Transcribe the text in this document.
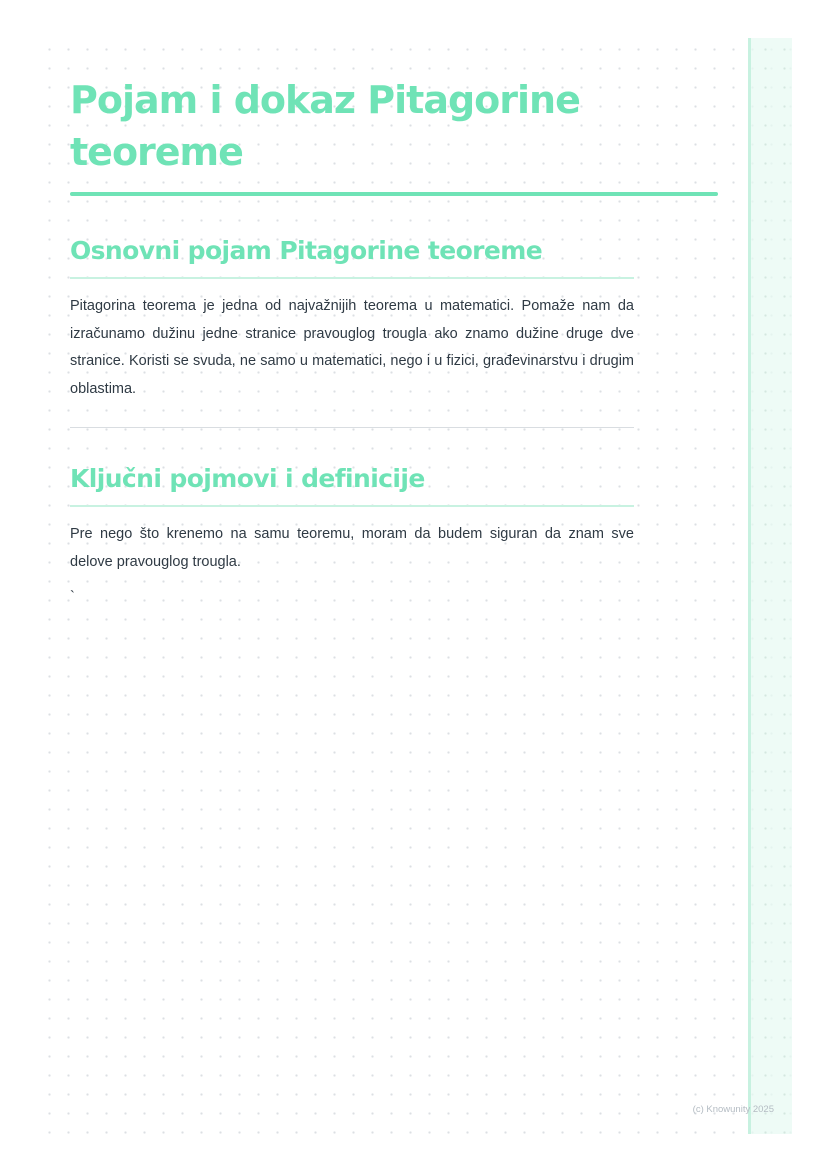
Pojam i dokaz Pitagorine teoreme
Osnovni pojam Pitagorine teoreme

Pitagorina teorema je jedna od najvažnijih teorema u matematici. Pomaže nam da izračunamo dužinu jedne stranice pravouglog trougla ako znamo dužine druge dve stranice. Koristi se svuda, ne samo u matematici, nego i u fizici, građevinarstvu i drugim oblastima.

Ključni pojmovi i definicije

Pre nego što krenemo na samu teoremu, moram da budem siguran da znam sve delove pravouglog trougla.

`

(c) Knowunity 2025
